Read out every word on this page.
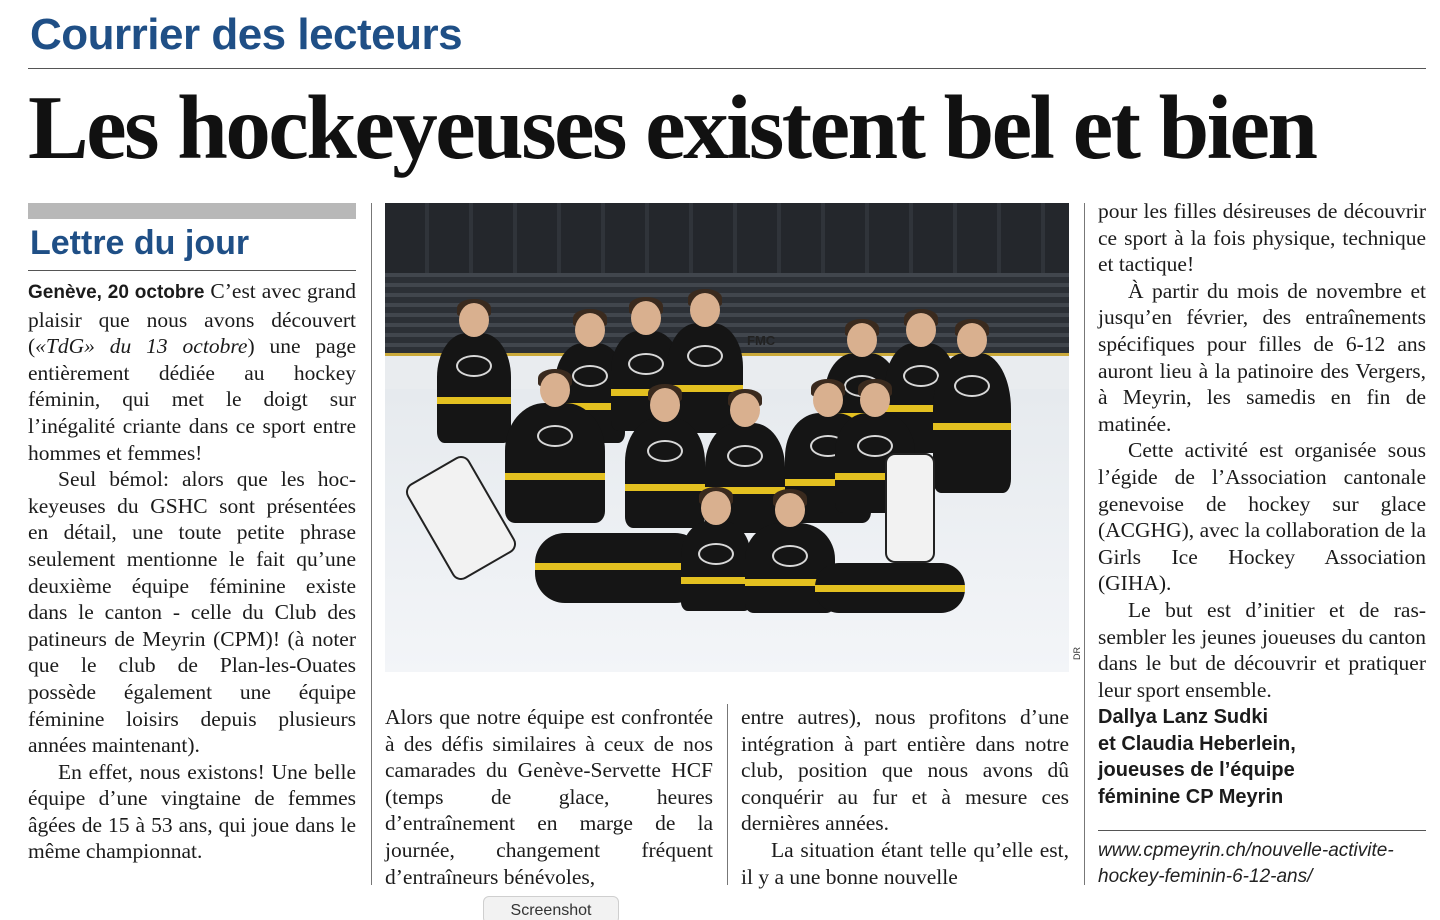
Courrier des lecteurs
Les hockeyeuses existent bel et bien
Lettre du jour

Genève, 20 octobre C’est avec grand plaisir que nous avons découvert («TdG» du 13 octobre) une page entièrement dédiée au hockey féminin, qui met le doigt sur l’inégalité criante dans ce sport entre hommes et femmes!

Seul bémol: alors que les hockeyeuses du GSHC sont présentées en détail, une toute petite phrase seulement mentionne le fait qu’une deuxième équipe féminine existe dans le canton - celle du Club des patineurs de Meyrin (CPM)! (à noter que le club de Plan-les-Ouates possède également une équipe féminine loisirs depuis plusieurs années maintenant).

En effet, nous existons! Une belle équipe d’une vingtaine de femmes âgées de 15 à 53 ans, qui joue dans le même championnat.

FMC
DR

Alors que notre équipe est confrontée à des défis similaires à ceux de nos camarades du Genève-Servette HCF (temps de glace, heures d’entraînement en marge de la journée, changement fréquent d’entraîneurs bénévoles,

entre autres), nous profitons d’une intégration à part entière dans notre club, position que nous avons dû conquérir au fur et à mesure ces dernières années.

La situation étant telle qu’elle est, il y a une bonne nouvelle

pour les filles désireuses de découvrir ce sport à la fois physique, technique et tactique!

À partir du mois de novembre et jusqu’en février, des entraînements spécifiques pour filles de 6-12 ans auront lieu à la patinoire des Vergers, à Meyrin, les samedis en fin de matinée.

Cette activité est organisée sous l’égide de l’Association cantonale genevoise de hockey sur glace (ACGHG), avec la collaboration de la Girls Ice Hockey Association (GIHA).

Le but est d’initier et de rassembler les jeunes joueuses du canton dans le but de découvrir et pratiquer leur sport ensemble.

Dallya Lanz Sudki
et Claudia Heberlein,
joueuses de l’équipe
féminine CP Meyrin
www.cpmeyrin.ch/nouvelle-activite-hockey-feminin-6-12-ans/
Screenshot
